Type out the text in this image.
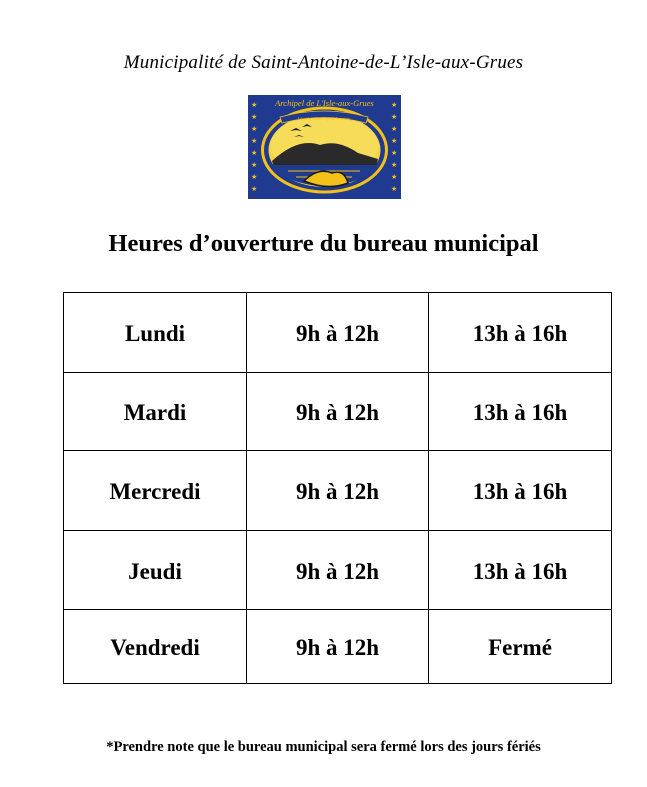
Municipalité de Saint-Antoine-de-L’Isle-aux-Grues
★
★
★
★
★
★
★
★
★
★
★
★
★
★
★
★
Là où la culture rejoint la nature
Archipel de L'Isle-aux-Grues
Heures d’ouverture du bureau municipal
Lundi	9h à 12h	13h à 16h
Mardi	9h à 12h	13h à 16h
Mercredi	9h à 12h	13h à 16h
Jeudi	9h à 12h	13h à 16h
Vendredi	9h à 12h	Fermé
*Prendre note que le bureau municipal sera fermé lors des jours fériés
